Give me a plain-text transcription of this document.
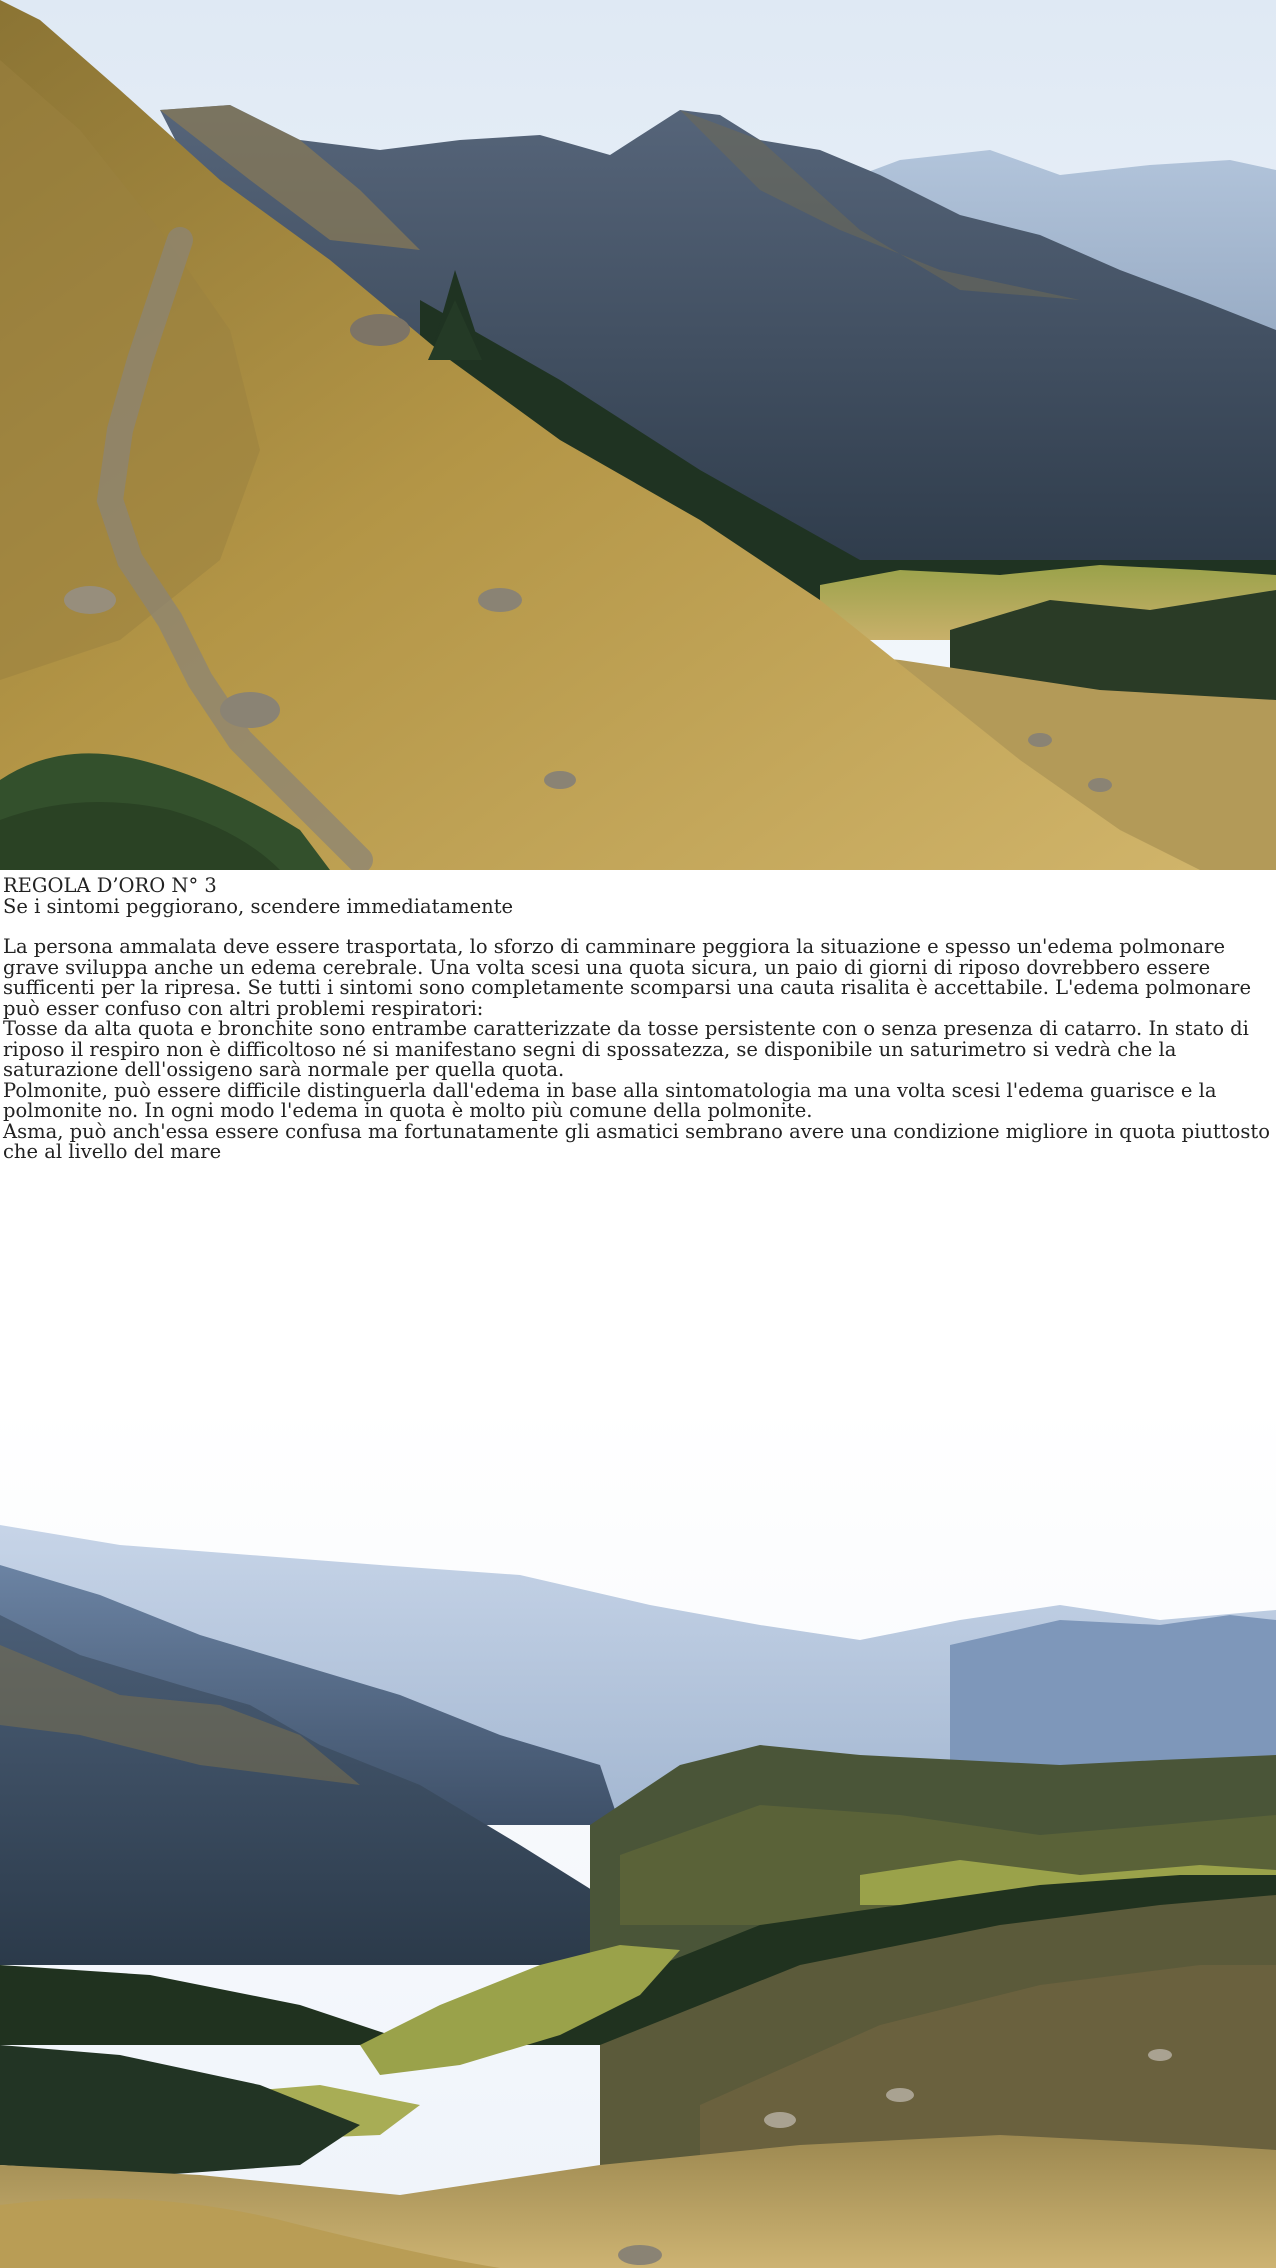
REGOLA D’ORO N° 3

Se i sintomi peggiorano, scendere immediatamente

La persona ammalata deve essere trasportata, lo sforzo di camminare peggiora la situazione e spesso un'edema polmonare grave sviluppa anche un edema cerebrale. Una volta scesi una quota sicura, un paio di giorni di riposo dovrebbero essere sufficenti per la ripresa. Se tutti i sintomi sono completamente scomparsi una cauta risalita è accettabile. L'edema polmonare può esser confuso con altri problemi respiratori:

Tosse da alta quota e bronchite sono entrambe caratterizzate da tosse persistente con o senza presenza di catarro. In stato di riposo il respiro non è difficoltoso né si manifestano segni di spossatezza, se disponibile un saturimetro si vedrà che la saturazione dell'ossigeno sarà normale per quella quota.

Polmonite, può essere difficile distinguerla dall'edema in base alla sintomatologia ma una volta scesi l'edema guarisce e la polmonite no. In ogni modo l'edema in quota è molto più comune della polmonite.

Asma, può anch'essa essere confusa ma fortunatamente gli asmatici sembrano avere una condizione migliore in quota piuttosto che al livello del mare
